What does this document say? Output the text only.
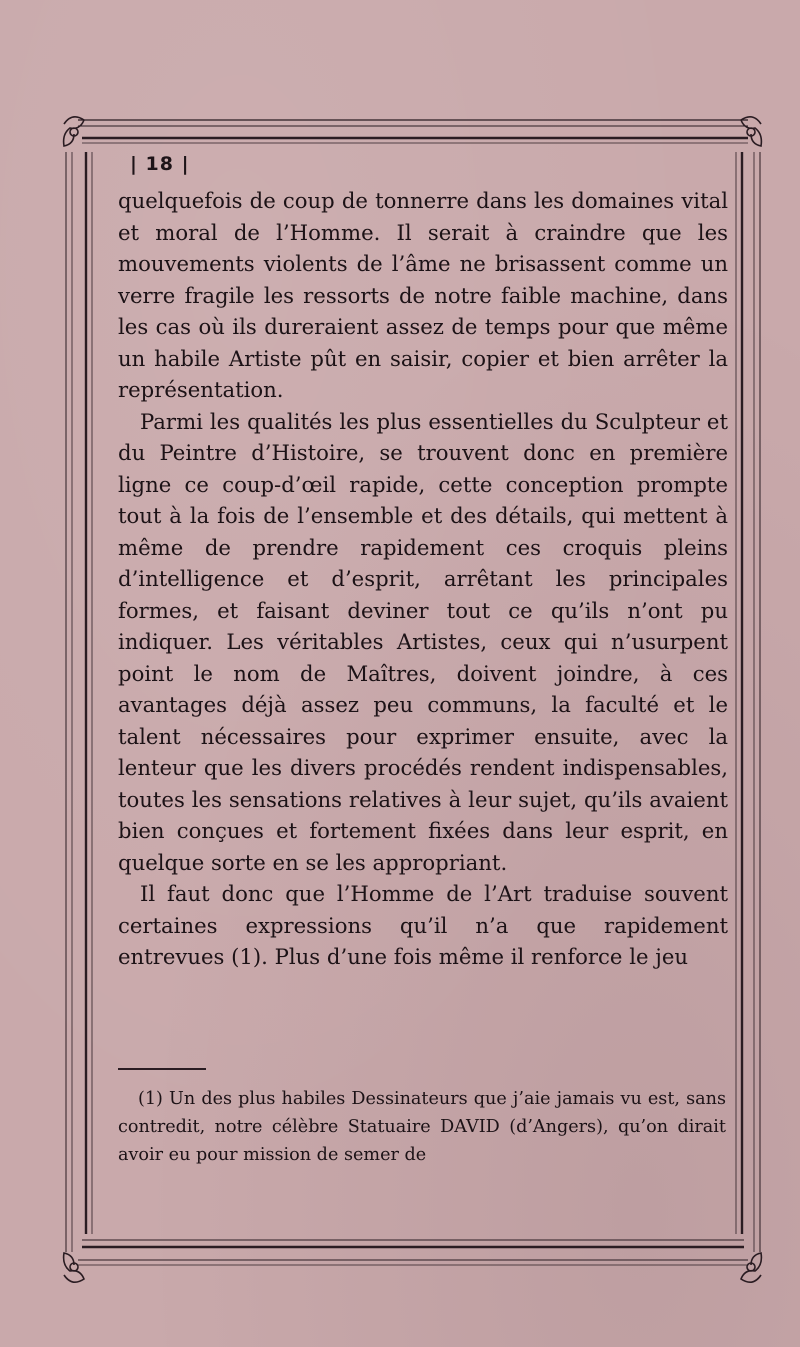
| 18 |

quelquefois de coup de tonnerre dans les domaines vital et moral de l’Homme. Il serait à craindre que les mouvements violents de l’âme ne brisassent comme un verre fragile les ressorts de notre faible machine, dans les cas où ils dureraient assez de temps pour que même un habile Artiste pût en saisir, copier et bien arrêter la représentation.

Parmi les qualités les plus essentielles du Sculpteur et du Peintre d’Histoire, se trouvent donc en première ligne ce coup-d’œil rapide, cette conception prompte tout à la fois de l’ensemble et des détails, qui mettent à même de prendre rapidement ces croquis pleins d’intelligence et d’esprit, arrêtant les principales formes, et faisant deviner tout ce qu’ils n’ont pu indiquer. Les véritables Artistes, ceux qui n’usurpent point le nom de Maîtres, doivent joindre, à ces avantages déjà assez peu communs, la faculté et le talent nécessaires pour exprimer ensuite, avec la lenteur que les divers procédés rendent indispensables, toutes les sensations relatives à leur sujet, qu’ils avaient bien conçues et fortement fixées dans leur esprit, en quelque sorte en se les appropriant.

Il faut donc que l’Homme de l’Art traduise souvent certaines expressions qu’il n’a que rapidement entrevues (1). Plus d’une fois même il renforce le jeu

(1) Un des plus habiles Dessinateurs que j’aie jamais vu est, sans contredit, notre célèbre Statuaire DAVID (d’Angers), qu’on dirait avoir eu pour mission de semer de
